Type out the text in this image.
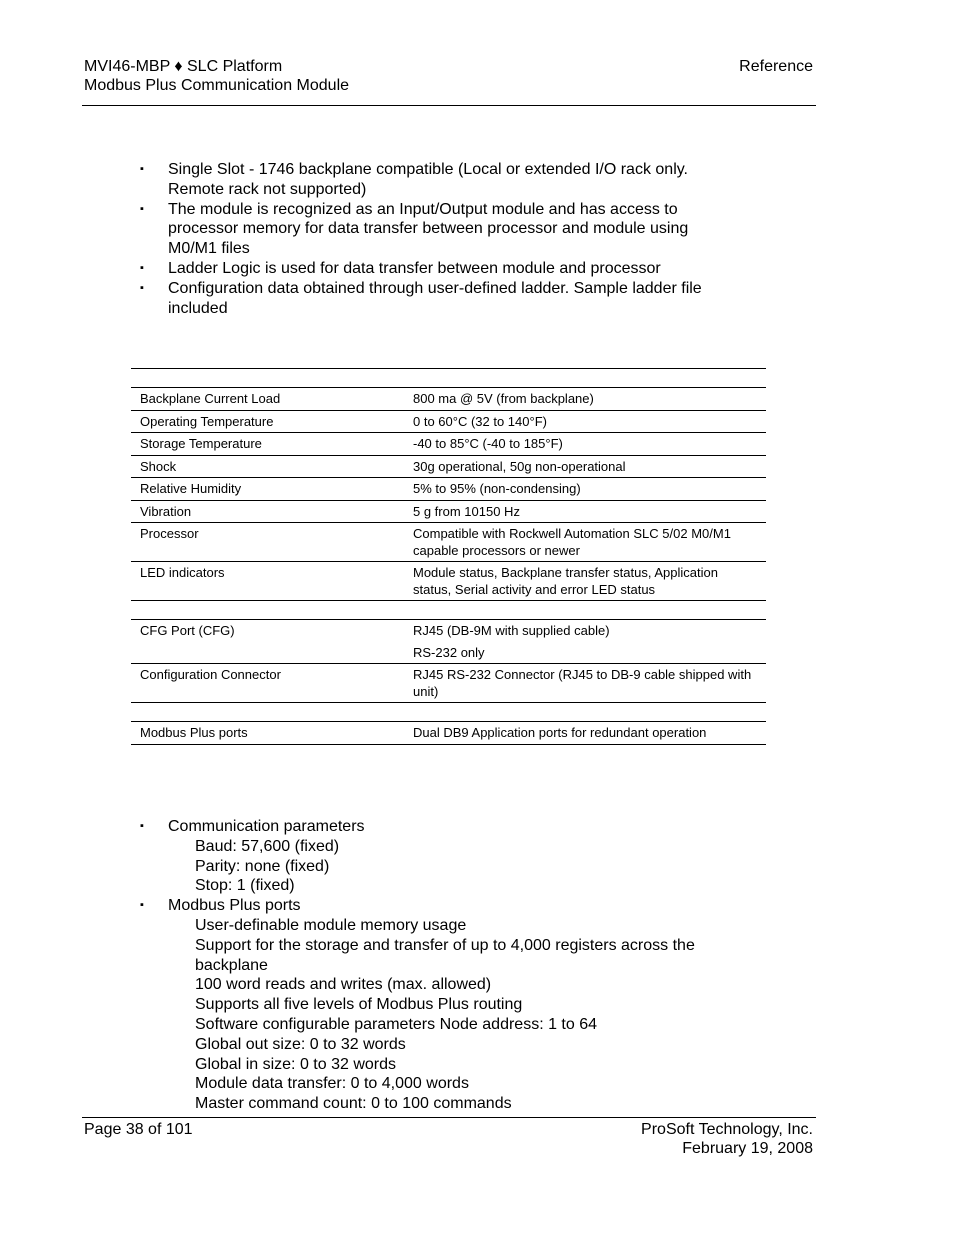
MVI46-MBP ♦ SLC Platform
Modbus Plus Communication Module
Reference
▪ Single Slot - 1746 backplane compatible (Local or extended I/O rack only. Remote rack not supported)
▪ The module is recognized as an Input/Output module and has access to processor memory for data transfer between processor and module using M0/M1 files
▪ Ladder Logic is used for data transfer between module and processor
▪ Configuration data obtained through user-defined ladder. Sample ladder file included

Backplane Current Load	800 ma @ 5V (from backplane)
Operating Temperature	0 to 60°C (32 to 140°F)
Storage Temperature	-40 to 85°C (-40 to 185°F)
Shock	30g operational, 50g non-operational
Relative Humidity	5% to 95% (non-condensing)
Vibration	5 g from 10150 Hz
Processor	Compatible with Rockwell Automation SLC 5/02 M0/M1 capable processors or newer
LED indicators	Module status, Backplane transfer status, Application status, Serial activity and error LED status

CFG Port (CFG)	RJ45 (DB-9M with supplied cable)
	RS-232 only
Configuration Connector	RJ45 RS-232 Connector (RJ45 to DB-9 cable shipped with unit)

Modbus Plus ports	Dual DB9 Application ports for redundant operation
▪ Communication parameters
Baud: 57,600 (fixed)
Parity: none (fixed)
Stop: 1 (fixed)
▪ Modbus Plus ports
User-definable module memory usage
Support for the storage and transfer of up to 4,000 registers across the backplane
100 word reads and writes (max. allowed)
Supports all five levels of Modbus Plus routing
Software configurable parameters Node address: 1 to 64
Global out size: 0 to 32 words
Global in size: 0 to 32 words
Module data transfer: 0 to 4,000 words
Master command count: 0 to 100 commands
Page 38 of 101	ProSoft Technology, Inc.
February 19, 2008
